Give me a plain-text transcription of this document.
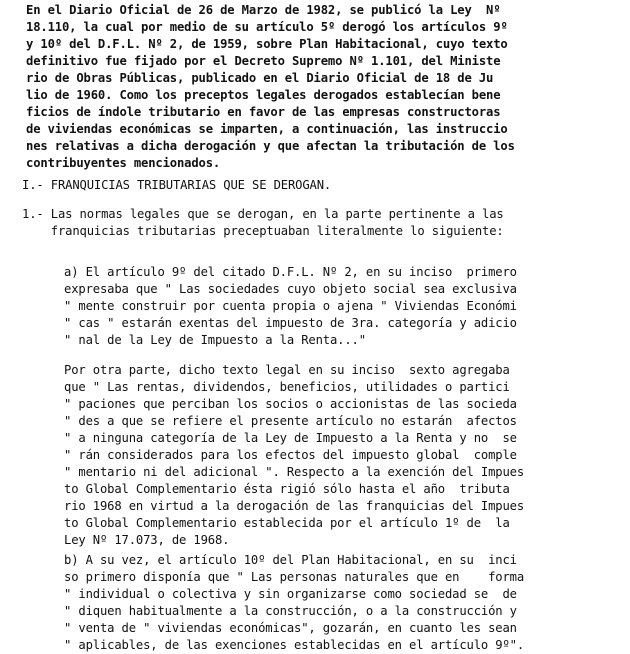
En el Diario Oficial de 26 de Marzo de 1982, se publicó la Ley  Nº
18.110, la cual por medio de su artículo 5º derogó los artículos 9º
y 10º del D.F.L. Nº 2, de 1959, sobre Plan Habitacional, cuyo texto
definitivo fue fijado por el Decreto Supremo Nº 1.101, del Ministe
rio de Obras Públicas, publicado en el Diario Oficial de 18 de Ju
lio de 1960. Como los preceptos legales derogados establecían bene
ficios de índole tributario en favor de las empresas constructoras
de viviendas económicas se imparten, a continuación, las instruccio
nes relativas a dicha derogación y que afectan la tributación de los
contribuyentes mencionados.
I.- FRANQUICIAS TRIBUTARIAS QUE SE DEROGAN.
1.- Las normas legales que se derogan, en la parte pertinente a las
franquicias tributarias preceptuaban literalmente lo siguiente:
a) El artículo 9º del citado D.F.L. Nº 2, en su inciso  primero
expresaba que " Las sociedades cuyo objeto social sea exclusiva
" mente construir por cuenta propia o ajena " Viviendas Económi
" cas " estarán exentas del impuesto de 3ra. categoría y adicio
" nal de la Ley de Impuesto a la Renta..."
Por otra parte, dicho texto legal en su inciso  sexto agregaba
que " Las rentas, dividendos, beneficios, utilidades o partici
" paciones que perciban los socios o accionistas de las socieda
" des a que se refiere el presente artículo no estarán  afectos
" a ninguna categoría de la Ley de Impuesto a la Renta y no  se
" rán considerados para los efectos del impuesto global  comple
" mentario ni del adicional ". Respecto a la exención del Impues
to Global Complementario ésta rigió sólo hasta el año  tributa
rio 1968 en virtud a la derogación de las franquicias del Impues
to Global Complementario establecida por el artículo 1º de  la
Ley Nº 17.073, de 1968.
b) A su vez, el artículo 10º del Plan Habitacional, en su  inci
so primero disponía que " Las personas naturales que en    forma
" individual o colectiva y sin organizarse como sociedad se  de
" diquen habitualmente a la construcción, o a la construcción y
" venta de " viviendas económicas", gozarán, en cuanto les sean
" aplicables, de las exenciones establecidas en el artículo 9º".
